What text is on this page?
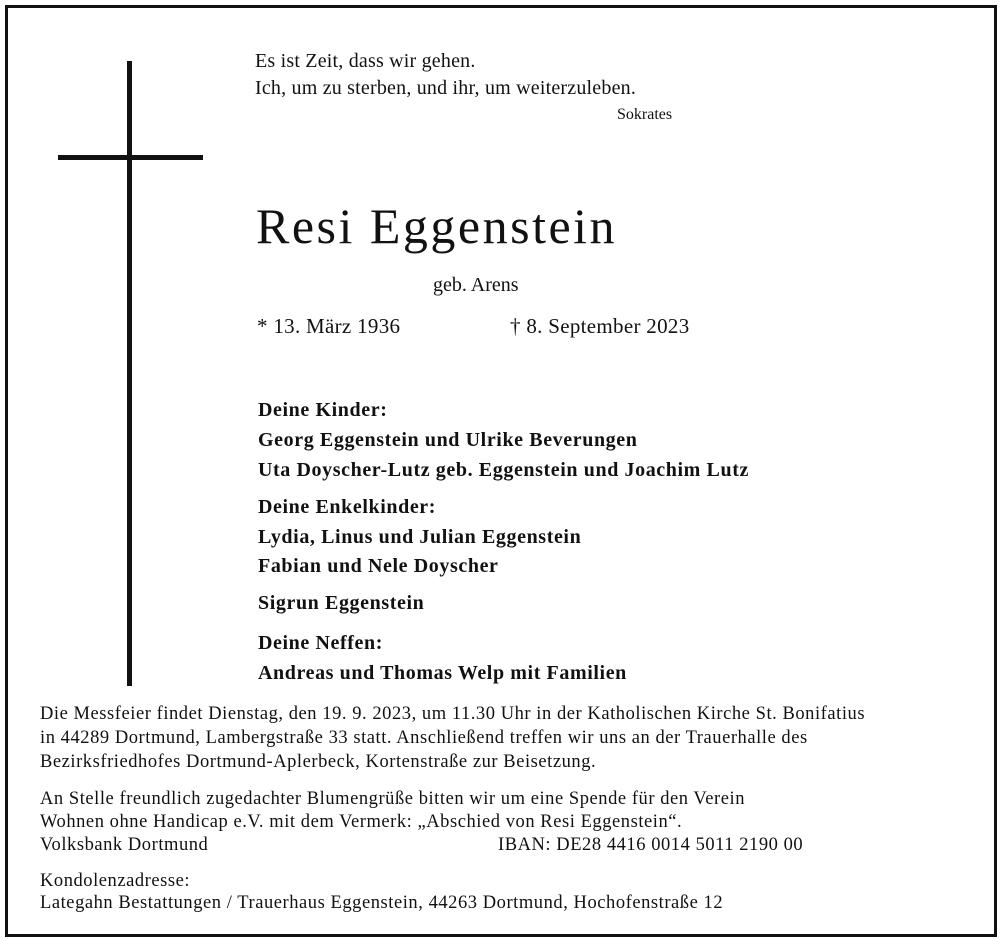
Es ist Zeit, dass wir gehen.

Ich, um zu sterben, und ihr, um weiterzuleben.

Sokrates

Resi Eggenstein

geb. Arens

* 13. März 1936	† 8. September 2023

Deine Kinder:

Georg Eggenstein und Ulrike Beverungen

Uta Doyscher-Lutz geb. Eggenstein und Joachim Lutz

Deine Enkelkinder:

Lydia, Linus und Julian Eggenstein

Fabian und Nele Doyscher

Sigrun Eggenstein

Deine Neffen:

Andreas und Thomas Welp mit Familien

Die Messfeier findet Dienstag, den 19. 9. 2023, um 11.30 Uhr in der Katholischen Kirche St. Bonifatius

in 44289 Dortmund, Lambergstraße 33 statt. Anschließend treffen wir uns an der Trauerhalle des

Bezirksfriedhofes Dortmund-Aplerbeck, Kortenstraße zur Beisetzung.

An Stelle freundlich zugedachter Blumengrüße bitten wir um eine Spende für den Verein

Wohnen ohne Handicap e.V. mit dem Vermerk: „Abschied von Resi Eggenstein“.

Volksbank Dortmund	IBAN: DE28 4416 0014 5011 2190 00

Kondolenzadresse:

Lategahn Bestattungen / Trauerhaus Eggenstein, 44263 Dortmund, Hochofenstraße 12
